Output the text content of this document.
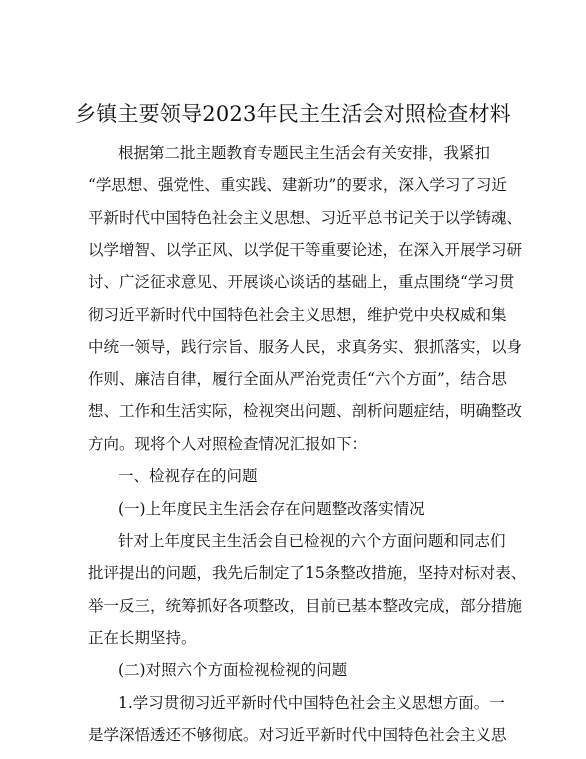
乡镇主要领导2023年民主生活会对照检查材料
根据第二批主题教育专题民主生活会有关安排，我紧扣
“学思想、强党性、重实践、建新功”的要求，深入学习了习近
平新时代中国特色社会主义思想、习近平总书记关于以学铸魂、
以学增智、以学正风、以学促干等重要论述，在深入开展学习研
讨、广泛征求意见、开展谈心谈话的基础上，重点围绕“学习贯
彻习近平新时代中国特色社会主义思想，维护党中央权威和集
中统一领导，践行宗旨、服务人民，求真务实、狠抓落实，以身
作则、廉洁自律，履行全面从严治党责任“六个方面”，结合思
想、工作和生活实际，检视突出问题、剖析问题症结，明确整改
方向。现将个人对照检查情况汇报如下：
一、检视存在的问题
(一)上年度民主生活会存在问题整改落实情况
针对上年度民主生活会自已检视的六个方面问题和同志们
批评提出的问题，我先后制定了15条整改措施，坚持对标对表、
举一反三，统筹抓好各项整改，目前已基本整改完成，部分措施
正在长期坚持。
(二)对照六个方面检视检视的问题
1.学习贯彻习近平新时代中国特色社会主义思想方面。一
是学深悟透还不够彻底。对习近平新时代中国特色社会主义思
